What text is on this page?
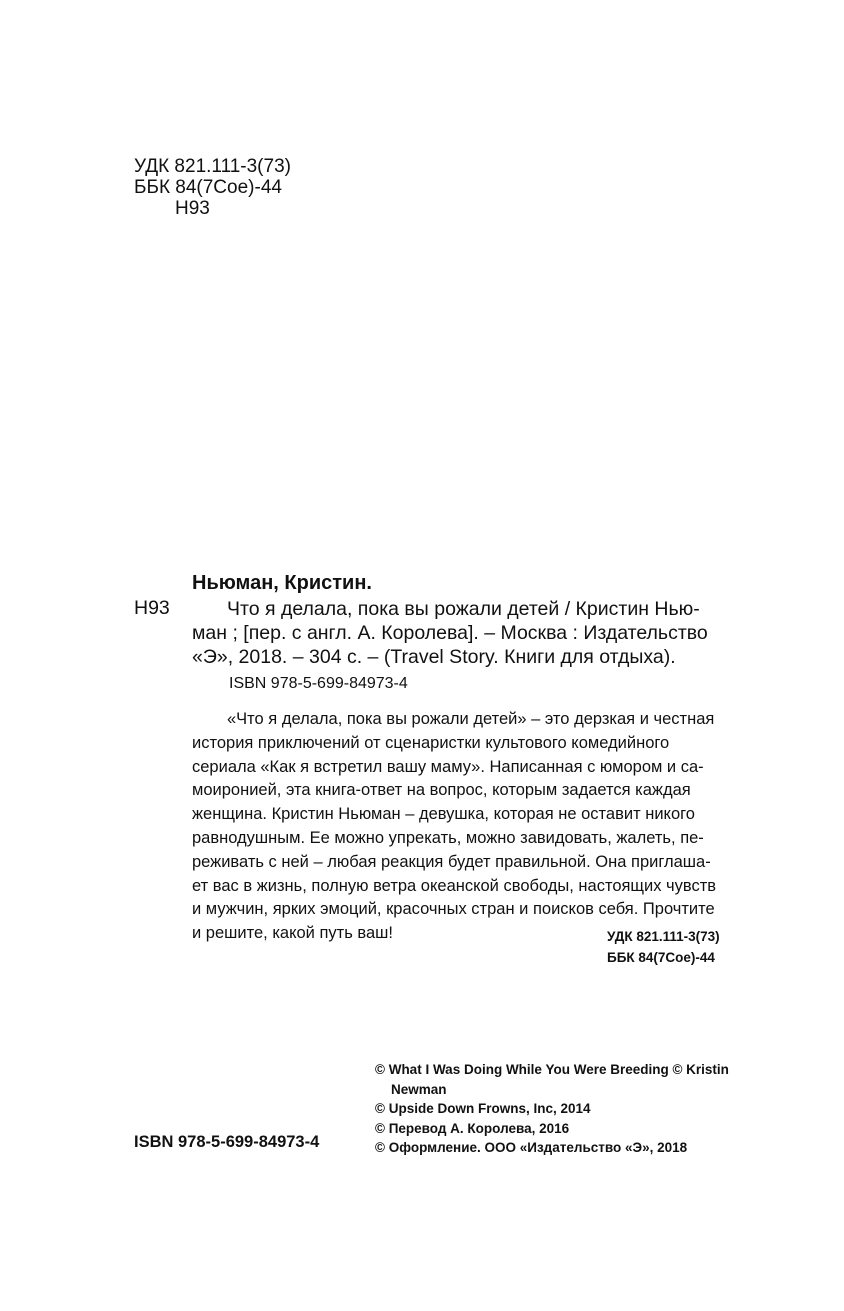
УДК 821.111-3(73)
ББК 84(7Сое)-44
Н93
Ньюман, Кристин.
Н93	Что я делала, пока вы рожали детей / Кристин Нью-
ман ; [пер. с англ. А. Королева]. – Москва : Издательство
«Э», 2018. – 304 с. – (Travel Story. Книги для отдыха).
ISBN 978-5-699-84973-4
«Что я делала, пока вы рожали детей» – это дерзкая и честная
история приключений от сценаристки культового комедийного
сериала «Как я встретил вашу маму». Написанная с юмором и са-
моиронией, эта книга-ответ на вопрос, которым задается каждая
женщина. Кристин Ньюман – девушка, которая не оставит никого
равнодушным. Ее можно упрекать, можно завидовать, жалеть, пе-
реживать с ней – любая реакция будет правильной. Она приглаша-
ет вас в жизнь, полную ветра океанской свободы, настоящих чувств
и мужчин, ярких эмоций, красочных стран и поисков себя. Прочтите
и решите, какой путь ваш!	УДК 821.111-3(73)
ББК 84(7Сое)-44
© What I Was Doing While You Were Breeding © Kristin
Newman
© Upside Down Frowns, Inc, 2014
© Перевод А. Королева, 2016
© Оформление. ООО «Издательство «Э», 2018
ISBN 978-5-699-84973-4
